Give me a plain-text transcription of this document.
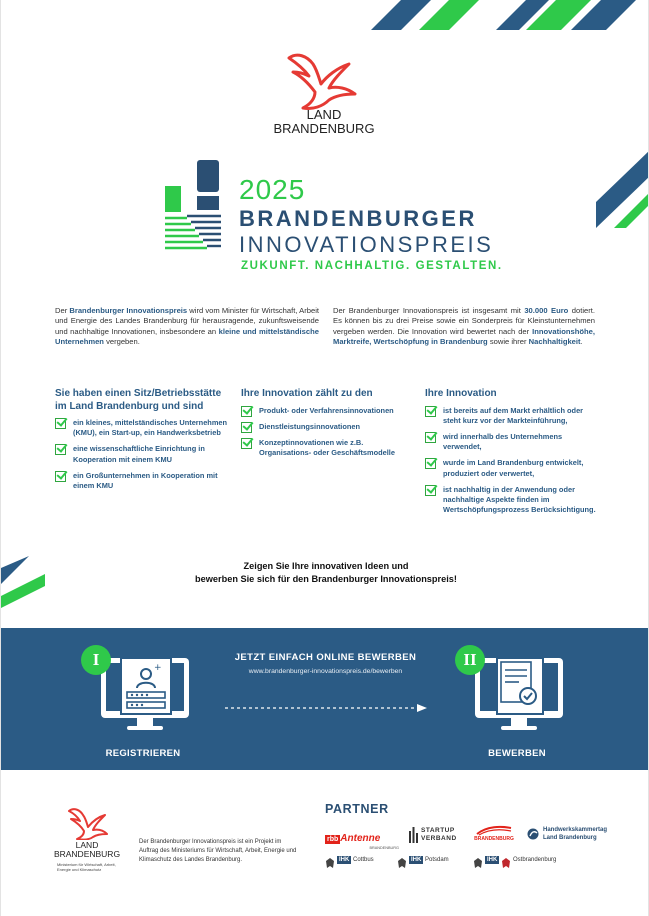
LAND
BRANDENBURG
2025
BRANDENBURGER
INNOVATIONSPREIS
ZUKUNFT. NACHHALTIG. GESTALTEN.
Der Brandenburger Innovationspreis wird vom Minister für Wirtschaft, Arbeit und Energie des Landes Brandenburg für herausragende, zukunftsweisende und nachhaltige Innovationen, insbesondere an kleine und mittelständische Unternehmen vergeben.
Der Brandenburger Innovationspreis ist insgesamt mit 30.000 Euro dotiert. Es können bis zu drei Preise sowie ein Sonderpreis für Kleinstunternehmen vergeben werden. Die Innovation wird bewertet nach der Innovationshöhe, Marktreife, Wertschöpfung in Brandenburg sowie ihrer Nachhaltigkeit.
Sie haben einen Sitz/Betriebsstätte im Land Brandenburg und sind
ein kleines, mittelständisches Unternehmen (KMU), ein Start-up, ein Handwerksbetrieb
eine wissenschaftliche Einrichtung in Kooperation mit einem KMU
ein Großunternehmen in Kooperation mit einem KMU
Ihre Innovation zählt zu den
Produkt- oder Verfahrensinnovationen
Dienstleistungsinnovationen
Konzeptinnovationen wie z.B. Organisations- oder Geschäftsmodelle
Ihre Innovation
ist bereits auf dem Markt erhältlich oder steht kurz vor der Markteinführung,
wird innerhalb des Unternehmens verwendet,
wurde im Land Brandenburg entwickelt, produziert oder verwertet,
ist nachhaltig in der Anwendung oder nachhaltige Aspekte finden im Wertschöpfungsprozess Berücksichtigung.
Zeigen Sie Ihre innovativen Ideen und
bewerben Sie sich für den Brandenburger Innovationspreis!
JETZT EINFACH ONLINE BEWERBEN
www.brandenburger-innovationspreis.de/bewerben
+
I
REGISTRIEREN
II
BEWERBEN
LAND
BRANDENBURG
Ministerium für Wirtschaft, Arbeit, Energie und Klimaschutz
Der Brandenburger Innovationspreis ist ein Projekt im Auftrag des Ministeriums für Wirtschaft, Arbeit, Energie und Klimaschutz des Landes Brandenburg.
PARTNER
rbb Antenne
BRANDENBURG
STARTUP
VERBAND	BRANDENBURG
Handwerkskammertag
Land Brandenburg
IHK Cottbus	IHK Potsdam	IHK	Ostbrandenburg
